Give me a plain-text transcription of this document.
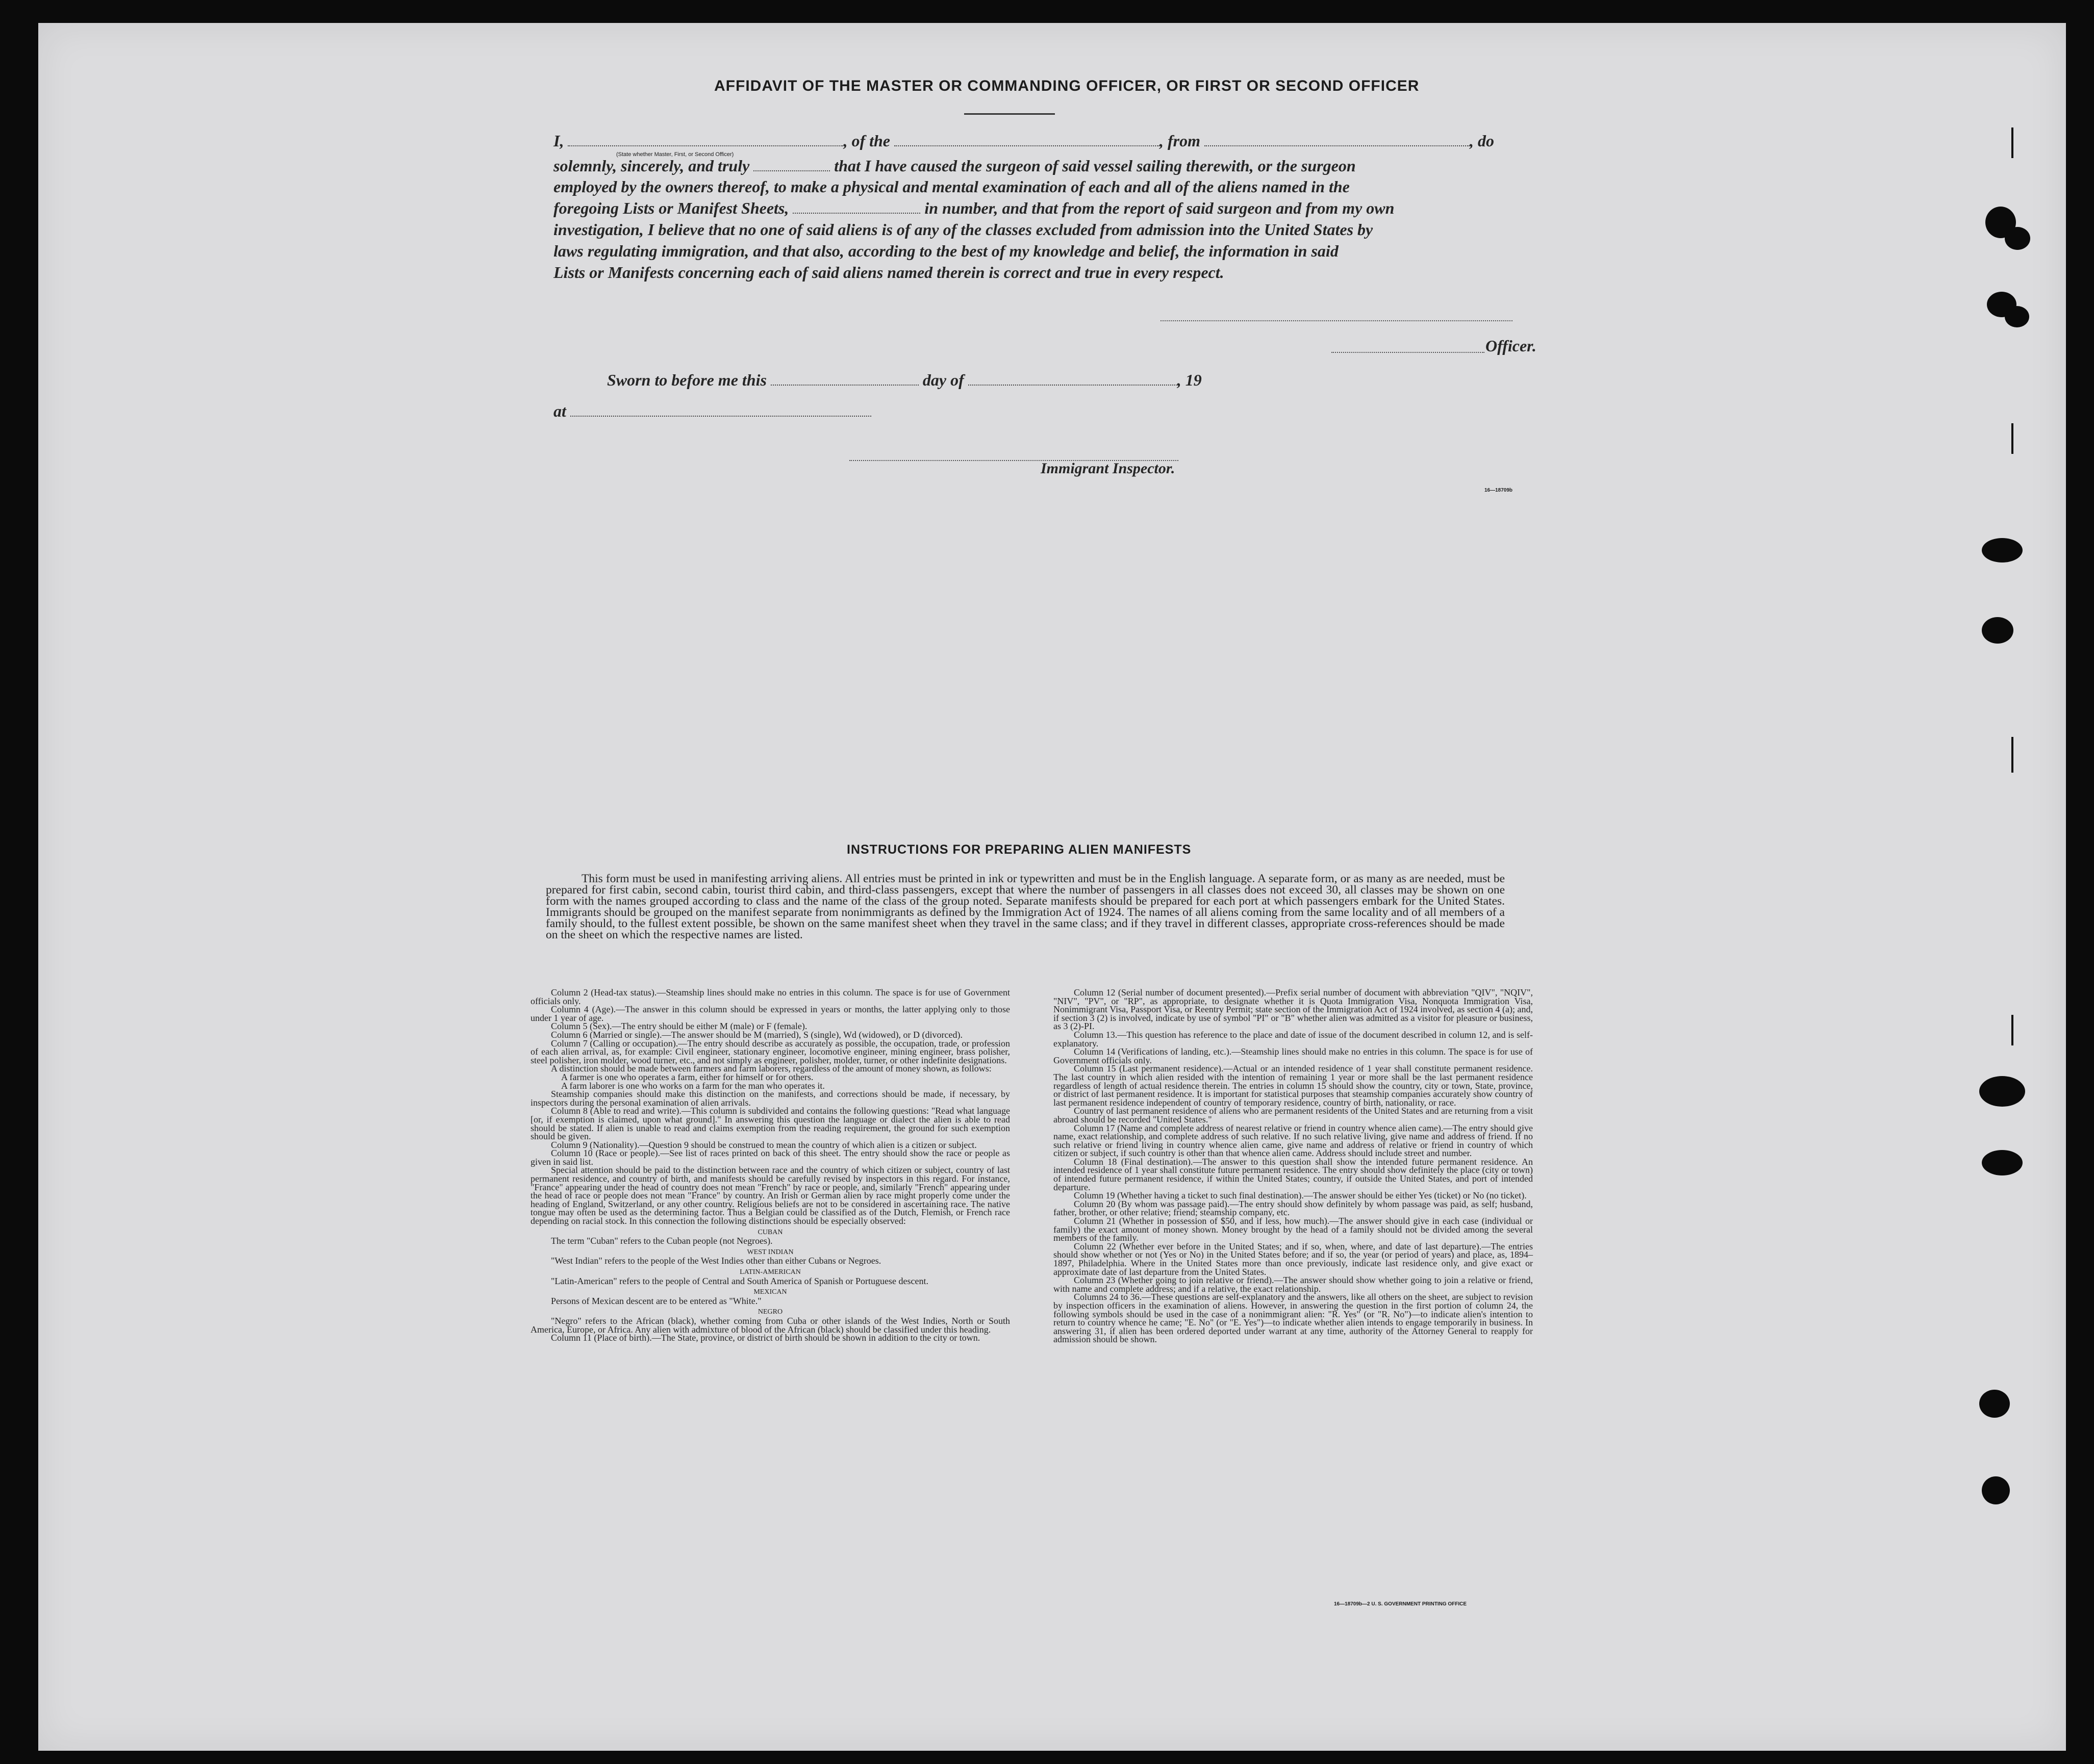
AFFIDAVIT OF THE MASTER OR COMMANDING OFFICER, OR FIRST OR SECOND OFFICER
I,	, of the	, from	, do
(State whether Master, First, or Second Officer)
solemnly, sincerely, and truly	that I have caused the surgeon of said vessel sailing therewith, or the surgeon
employed by the owners thereof, to make a physical and mental examination of each and all of the aliens named in the
foregoing Lists or Manifest Sheets,	in number, and that from the report of said surgeon and from my own
investigation, I believe that no one of said aliens is of any of the classes excluded from admission into the United States by
laws regulating immigration, and that also, according to the best of my knowledge and belief, the information in said
Lists or Manifests concerning each of said aliens named therein is correct and true in every respect.
Officer.
Sworn to before me this	day of	, 19
at
Immigrant Inspector.
16—18709b
INSTRUCTIONS FOR PREPARING ALIEN MANIFESTS
This form must be used in manifesting arriving aliens. All entries must be printed in ink or typewritten and must be in the English language. A separate form, or as many as are needed, must be prepared for first cabin, second cabin, tourist third cabin, and third-class passengers, except that where the number of passengers in all classes does not exceed 30, all classes may be shown on one form with the names grouped according to class and the name of the class of the group noted. Separate manifests should be prepared for each port at which passengers embark for the United States. Immigrants should be grouped on the manifest separate from nonimmigrants as defined by the Immigration Act of 1924. The names of all aliens coming from the same locality and of all members of a family should, to the fullest extent possible, be shown on the same manifest sheet when they travel in the same class; and if they travel in different classes, appropriate cross-references should be made on the sheet on which the respective names are listed.

Column 2 (Head-tax status).—Steamship lines should make no entries in this column. The space is for use of Government officials only.

Column 4 (Age).—The answer in this column should be expressed in years or months, the latter applying only to those under 1 year of age.

Column 5 (Sex).—The entry should be either M (male) or F (female).

Column 6 (Married or single).—The answer should be M (married), S (single), Wd (widowed), or D (divorced).

Column 7 (Calling or occupation).—The entry should describe as accurately as possible, the occupation, trade, or profession of each alien arrival, as, for example: Civil engineer, stationary engineer, locomotive engineer, mining engineer, brass polisher, steel polisher, iron molder, wood turner, etc., and not simply as engineer, polisher, molder, turner, or other indefinite designations.

A distinction should be made between farmers and farm laborers, regardless of the amount of money shown, as follows:

A farmer is one who operates a farm, either for himself or for others.

A farm laborer is one who works on a farm for the man who operates it.

Steamship companies should make this distinction on the manifests, and corrections should be made, if necessary, by inspectors during the personal examination of alien arrivals.

Column 8 (Able to read and write).—This column is subdivided and contains the following questions: "Read what language [or, if exemption is claimed, upon what ground]." In answering this question the language or dialect the alien is able to read should be stated. If alien is unable to read and claims exemption from the reading requirement, the ground for such exemption should be given.

Column 9 (Nationality).—Question 9 should be construed to mean the country of which alien is a citizen or subject.

Column 10 (Race or people).—See list of races printed on back of this sheet. The entry should show the race or people as given in said list.

Special attention should be paid to the distinction between race and the country of which citizen or subject, country of last permanent residence, and country of birth, and manifests should be carefully revised by inspectors in this regard. For instance, "France" appearing under the head of country does not mean "French" by race or people, and, similarly "French" appearing under the head of race or people does not mean "France" by country. An Irish or German alien by race might properly come under the heading of England, Switzerland, or any other country. Religious beliefs are not to be considered in ascertaining race. The native tongue may often be used as the determining factor. Thus a Belgian could be classified as of the Dutch, Flemish, or French race depending on racial stock. In this connection the following distinctions should be especially observed:

CUBAN

The term "Cuban" refers to the Cuban people (not Negroes).

WEST INDIAN

"West Indian" refers to the people of the West Indies other than either Cubans or Negroes.

LATIN-AMERICAN

"Latin-American" refers to the people of Central and South America of Spanish or Portuguese descent.

MEXICAN

Persons of Mexican descent are to be entered as "White."

NEGRO

"Negro" refers to the African (black), whether coming from Cuba or other islands of the West Indies, North or South America, Europe, or Africa. Any alien with admixture of blood of the African (black) should be classified under this heading.

Column 11 (Place of birth).—The State, province, or district of birth should be shown in addition to the city or town.

Column 12 (Serial number of document presented).—Prefix serial number of document with abbreviation "QIV", "NQIV", "NIV", "PV", or "RP", as appropriate, to designate whether it is Quota Immigration Visa, Nonquota Immigration Visa, Nonimmigrant Visa, Passport Visa, or Reentry Permit; state section of the Immigration Act of 1924 involved, as section 4 (a); and, if section 3 (2) is involved, indicate by use of symbol "PI" or "B" whether alien was admitted as a visitor for pleasure or business, as 3 (2)-PI.

Column 13.—This question has reference to the place and date of issue of the document described in column 12, and is self-explanatory.

Column 14 (Verifications of landing, etc.).—Steamship lines should make no entries in this column. The space is for use of Government officials only.

Column 15 (Last permanent residence).—Actual or an intended residence of 1 year shall constitute permanent residence. The last country in which alien resided with the intention of remaining 1 year or more shall be the last permanent residence regardless of length of actual residence therein. The entries in column 15 should show the country, city or town, State, province, or district of last permanent residence. It is important for statistical purposes that steamship companies accurately show country of last permanent residence independent of country of temporary residence, country of birth, nationality, or race.

Country of last permanent residence of aliens who are permanent residents of the United States and are returning from a visit abroad should be recorded "United States."

Column 17 (Name and complete address of nearest relative or friend in country whence alien came).—The entry should give name, exact relationship, and complete address of such relative. If no such relative living, give name and address of friend. If no such relative or friend living in country whence alien came, give name and address of relative or friend in country of which citizen or subject, if such country is other than that whence alien came. Address should include street and number.

Column 18 (Final destination).—The answer to this question shall show the intended future permanent residence. An intended residence of 1 year shall constitute future permanent residence. The entry should show definitely the place (city or town) of intended future permanent residence, if within the United States; country, if outside the United States, and port of intended departure.

Column 19 (Whether having a ticket to such final destination).—The answer should be either Yes (ticket) or No (no ticket).

Column 20 (By whom was passage paid).—The entry should show definitely by whom passage was paid, as self; husband, father, brother, or other relative; friend; steamship company, etc.

Column 21 (Whether in possession of $50, and if less, how much).—The answer should give in each case (individual or family) the exact amount of money shown. Money brought by the head of a family should not be divided among the several members of the family.

Column 22 (Whether ever before in the United States; and if so, when, where, and date of last departure).—The entries should show whether or not (Yes or No) in the United States before; and if so, the year (or period of years) and place, as, 1894–1897, Philadelphia. Where in the United States more than once previously, indicate last residence only, and give exact or approximate date of last departure from the United States.

Column 23 (Whether going to join relative or friend).—The answer should show whether going to join a relative or friend, with name and complete address; and if a relative, the exact relationship.

Columns 24 to 36.—These questions are self-explanatory and the answers, like all others on the sheet, are subject to revision by inspection officers in the examination of aliens. However, in answering the question in the first portion of column 24, the following symbols should be used in the case of a nonimmigrant alien: "R. Yes" (or "R. No")—to indicate alien's intention to return to country whence he came; "E. No" (or "E. Yes")—to indicate whether alien intends to engage temporarily in business. In answering 31, if alien has been ordered deported under warrant at any time, authority of the Attorney General to reapply for admission should be shown.

16—18709b—2 U. S. GOVERNMENT PRINTING OFFICE
